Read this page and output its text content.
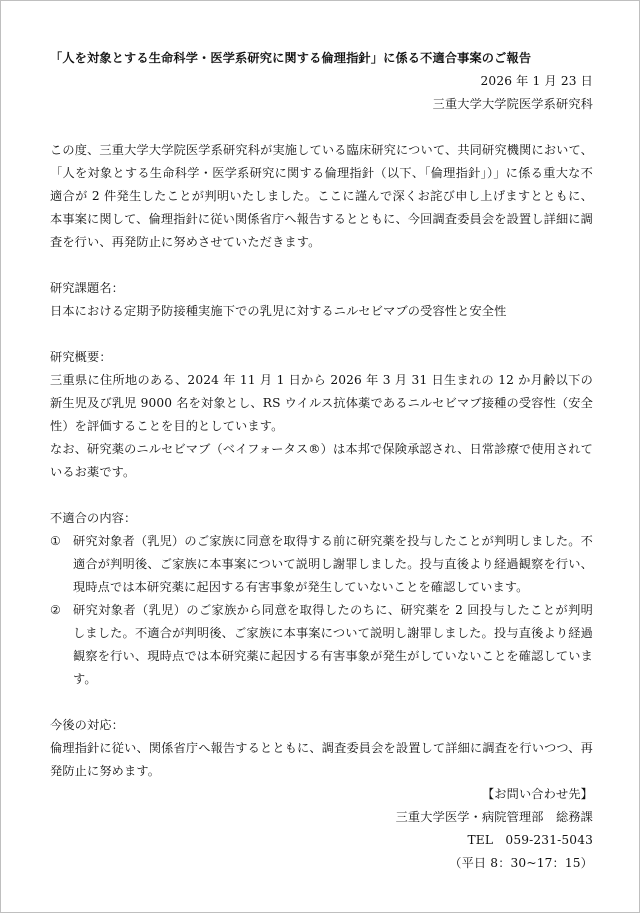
「人を対象とする生命科学・医学系研究に関する倫理指針」に係る不適合事案のご報告
2026 年 1 月 23 日
三重大学大学院医学系研究科

この度、三重大学大学院医学系研究科が実施している臨床研究について、共同研究機関において、「人を対象とする生命科学・医学系研究に関する倫理指針（以下、「倫理指針」）」に係る重大な不適合が 2 件発生したことが判明いたしました。ここに謹んで深くお詫び申し上げますとともに、本事案に関して、倫理指針に従い関係省庁へ報告するとともに、今回調査委員会を設置し詳細に調査を行い、再発防止に努めさせていただきます。

研究課題名：

日本における定期予防接種実施下での乳児に対するニルセビマブの受容性と安全性

研究概要：

三重県に住所地のある、2024 年 11 月 1 日から 2026 年 3 月 31 日生まれの 12 か月齢以下の新生児及び乳児 9000 名を対象とし、RS ウイルス抗体薬であるニルセビマブ接種の受容性（安全性）を評価することを目的としています。

なお、研究薬のニルセビマブ（ベイフォータス®）は本邦で保険承認され、日常診療で使用されているお薬です。

不適合の内容：

① 研究対象者（乳児）のご家族に同意を取得する前に研究薬を投与したことが判明しました。不適合が判明後、ご家族に本事案について説明し謝罪しました。投与直後より経過観察を行い、現時点では本研究薬に起因する有害事象が発生していないことを確認しています。
② 研究対象者（乳児）のご家族から同意を取得したのちに、研究薬を 2 回投与したことが判明しました。不適合が判明後、ご家族に本事案について説明し謝罪しました。投与直後より経過観察を行い、現時点では本研究薬に起因する有害事象が発生がしていないことを確認しています。

今後の対応：

倫理指針に従い、関係省庁へ報告するとともに、調査委員会を設置して詳細に調査を行いつつ、再発防止に努めます。

【お問い合わせ先】
三重大学医学・病院管理部　総務課
TEL　059-231-5043
（平日 8：30~17：15）
